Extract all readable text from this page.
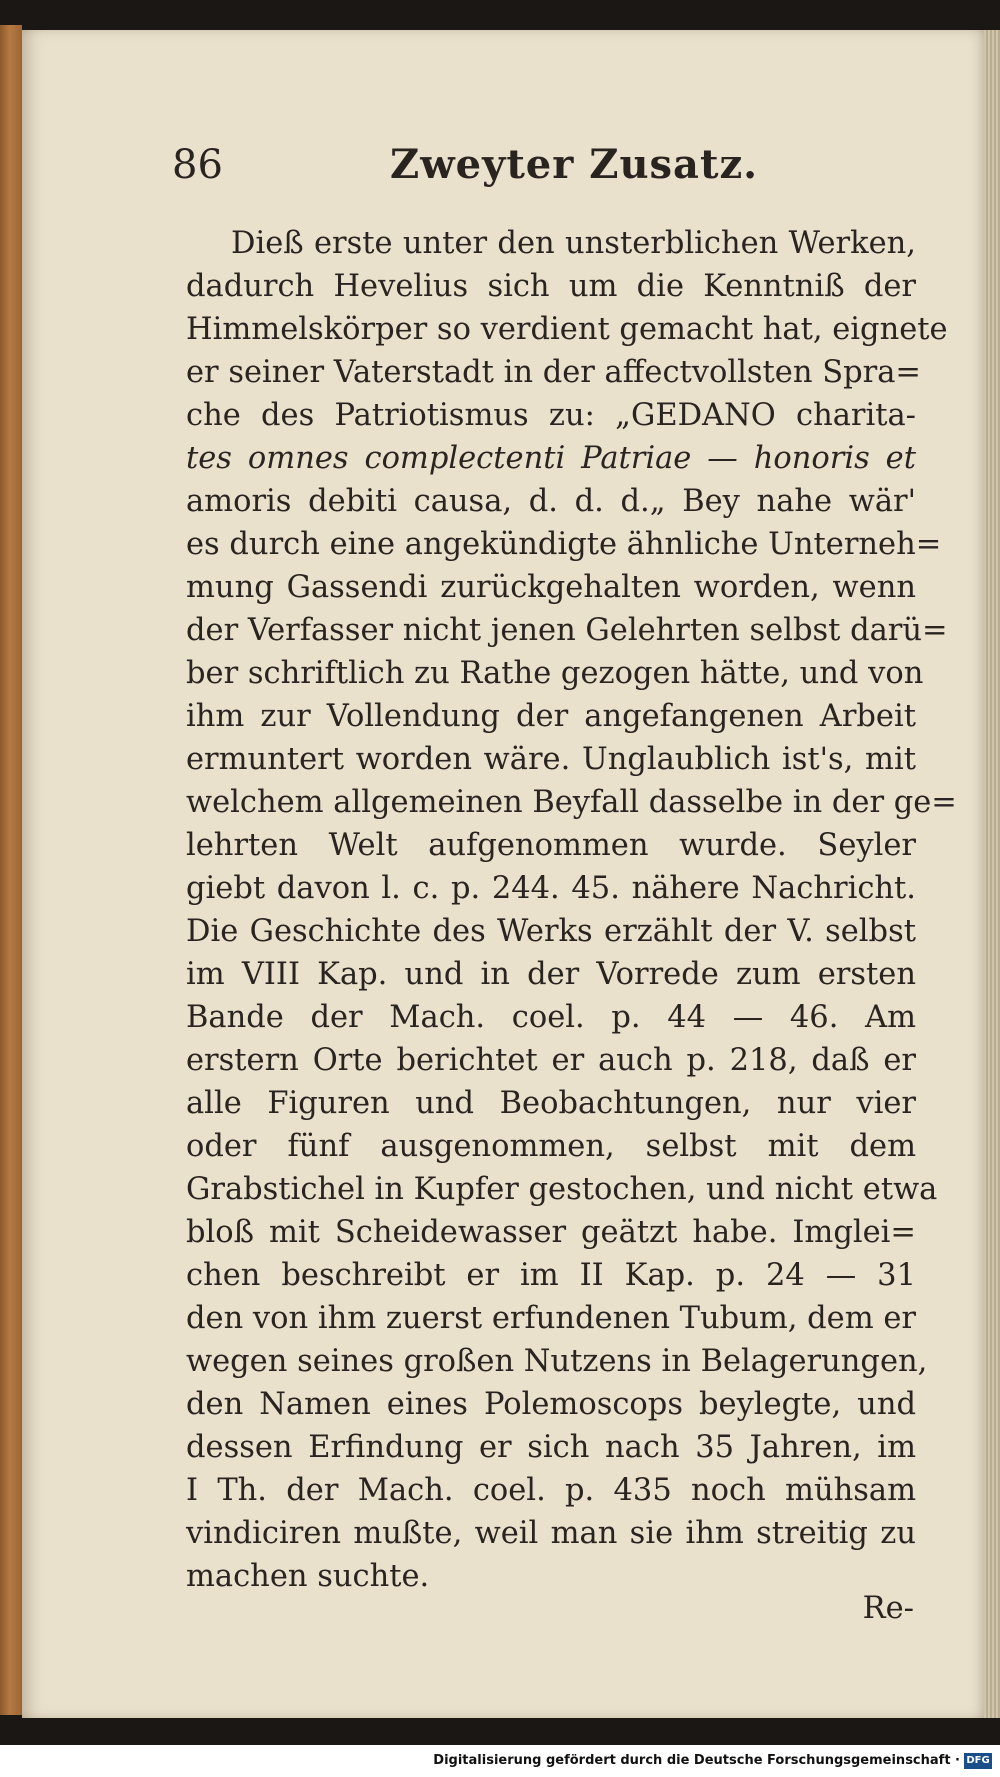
86	Zweyter Zusatz.
Dieß erste unter den unsterblichen Werken,
dadurch Hevelius sich um die Kenntniß der
Himmelskörper so verdient gemacht hat, eignete
er seiner Vaterstadt in der affectvollsten Spra=
che des Patriotismus zu: „GEDANO charita-
tes omnes complectenti Patriae — honoris et
amoris debiti causa, d. d. d.„ Bey nahe wär'
es durch eine angekündigte ähnliche Unterneh=
mung Gassendi zurückgehalten worden, wenn
der Verfasser nicht jenen Gelehrten selbst darü=
ber schriftlich zu Rathe gezogen hätte, und von
ihm zur Vollendung der angefangenen Arbeit
ermuntert worden wäre. Unglaublich ist's, mit
welchem allgemeinen Beyfall dasselbe in der ge=
lehrten Welt aufgenommen wurde. Seyler
giebt davon l. c. p. 244. 45. nähere Nachricht.
Die Geschichte des Werks erzählt der V. selbst
im VIII Kap. und in der Vorrede zum ersten
Bande der Mach. coel. p. 44 — 46. Am
erstern Orte berichtet er auch p. 218, daß er
alle Figuren und Beobachtungen, nur vier
oder fünf ausgenommen, selbst mit dem
Grabstichel in Kupfer gestochen, und nicht etwa
bloß mit Scheidewasser geätzt habe. Imglei=
chen beschreibt er im II Kap. p. 24 — 31
den von ihm zuerst erfundenen Tubum, dem er
wegen seines großen Nutzens in Belagerungen,
den Namen eines Polemoscops beylegte, und
dessen Erfindung er sich nach 35 Jahren, im
I Th. der Mach. coel. p. 435 noch mühsam
vindiciren mußte, weil man sie ihm streitig zu
machen suchte.
Re-
Digitalisierung gefördert durch die Deutsche Forschungsgemeinschaft · DFG
